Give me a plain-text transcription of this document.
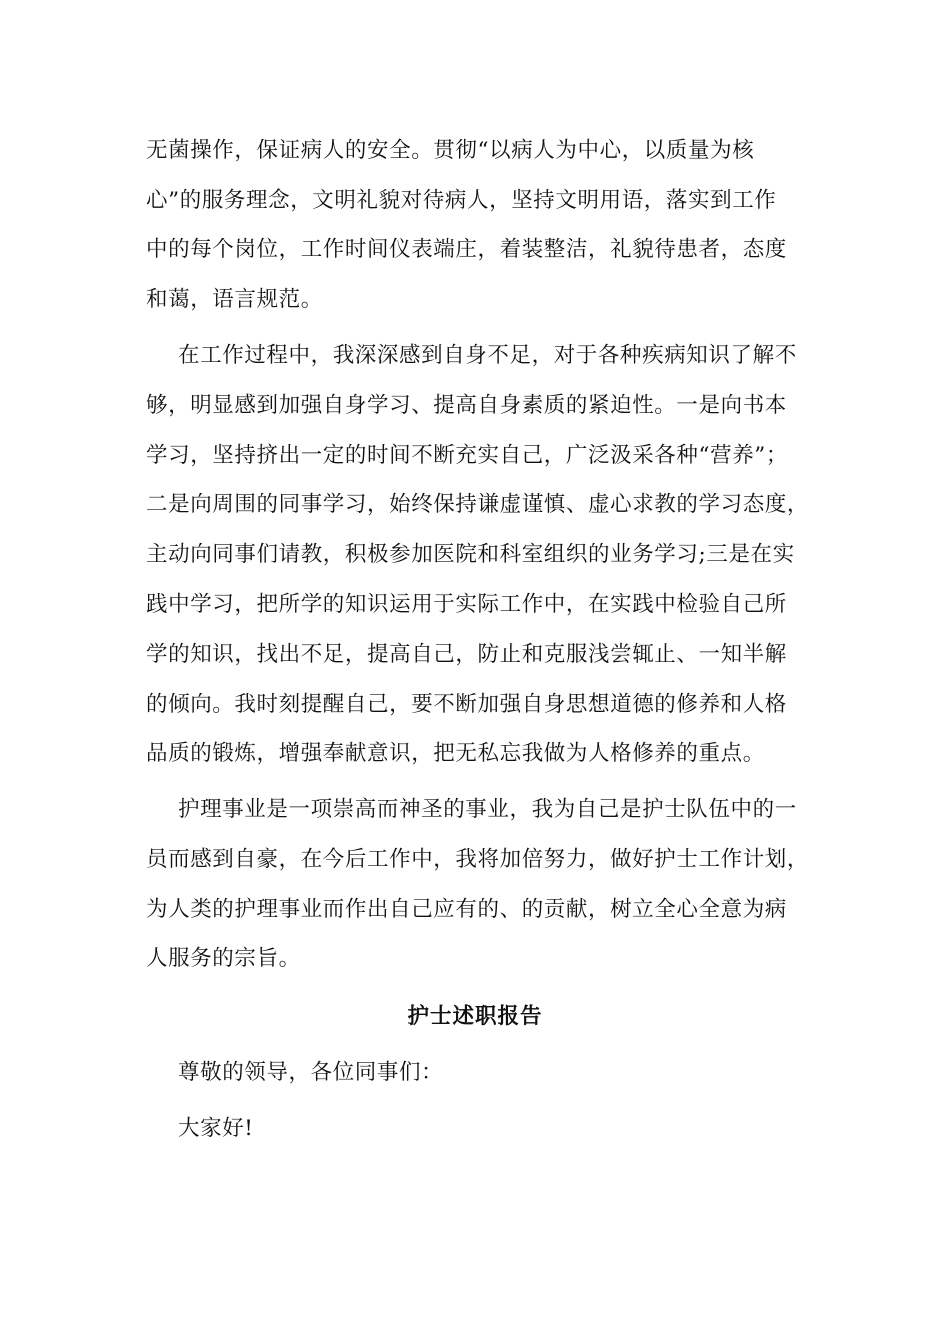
无菌操作，保证病人的安全。贯彻“以病人为中心，以质量为核
心”的服务理念，文明礼貌对待病人，坚持文明用语，落实到工作
中的每个岗位，工作时间仪表端庄，着装整洁，礼貌待患者，态度
和蔼，语言规范。
在工作过程中，我深深感到自身不足，对于各种疾病知识了解不
够，明显感到加强自身学习、提高自身素质的紧迫性。一是向书本
学习，坚持挤出一定的时间不断充实自己，广泛汲采各种“营养”；
二是向周围的同事学习，始终保持谦虚谨慎、虚心求教的学习态度，
主动向同事们请教，积极参加医院和科室组织的业务学习;三是在实
践中学习，把所学的知识运用于实际工作中，在实践中检验自己所
学的知识，找出不足，提高自己，防止和克服浅尝辄止、一知半解
的倾向。我时刻提醒自己，要不断加强自身思想道德的修养和人格
品质的锻炼，增强奉献意识，把无私忘我做为人格修养的重点。
护理事业是一项崇高而神圣的事业，我为自己是护士队伍中的一
员而感到自豪，在今后工作中，我将加倍努力，做好护士工作计划，
为人类的护理事业而作出自己应有的、的贡献，树立全心全意为病
人服务的宗旨。
护士述职报告
尊敬的领导，各位同事们：
大家好!
